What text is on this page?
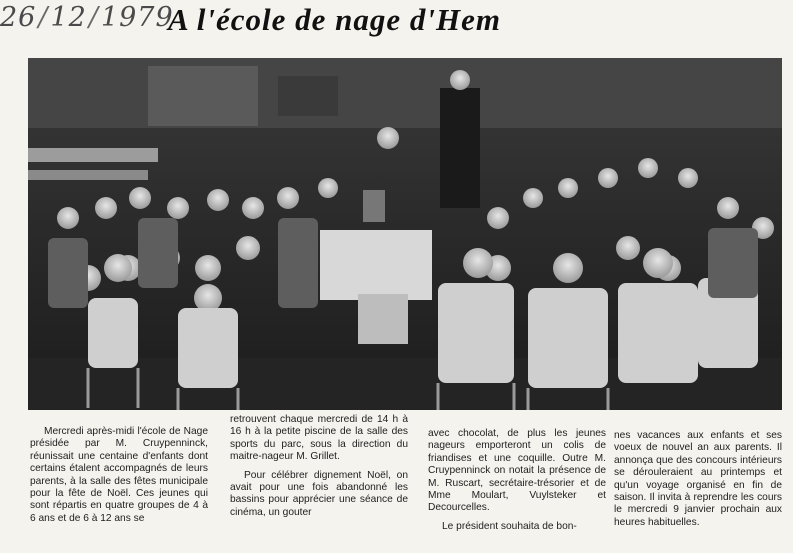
26/12/1979
A l'école de nage d'Hem

Mercredi après-midi l'école de Nage présidée par M. Cruypenninck, réunissait une centaine d'enfants dont certains étalent accompagnés de leurs parents, à la salle des fêtes municipale pour la fête de Noël. Ces jeunes qui sont répartis en quatre groupes de 4 à 6 ans et de 6 à 12 ans se

retrouvent chaque mercredi de 14 h à 16 h à la petite piscine de la salle des sports du parc, sous la direction du maitre-nageur M. Grillet.

Pour célébrer dignement Noël, on avait pour une fois abandonné les bassins pour apprécier une séance de cinéma, un gouter

avec chocolat, de plus les jeunes nageurs emporteront un colis de friandises et une coquille. Outre M. Cruypenninck on notait la présence de M. Ruscart, secrétaire-trésorier et de Mme Moulart, Vuylsteker et Decourcelles.

Le président souhaita de bon-

nes vacances aux enfants et ses voeux de nouvel an aux parents. Il annonça que des concours intérieurs se dérouleraient au printemps et qu'un voyage organisé en fin de saison. Il invita à reprendre les cours le mercredi 9 janvier prochain aux heures habituelles.
